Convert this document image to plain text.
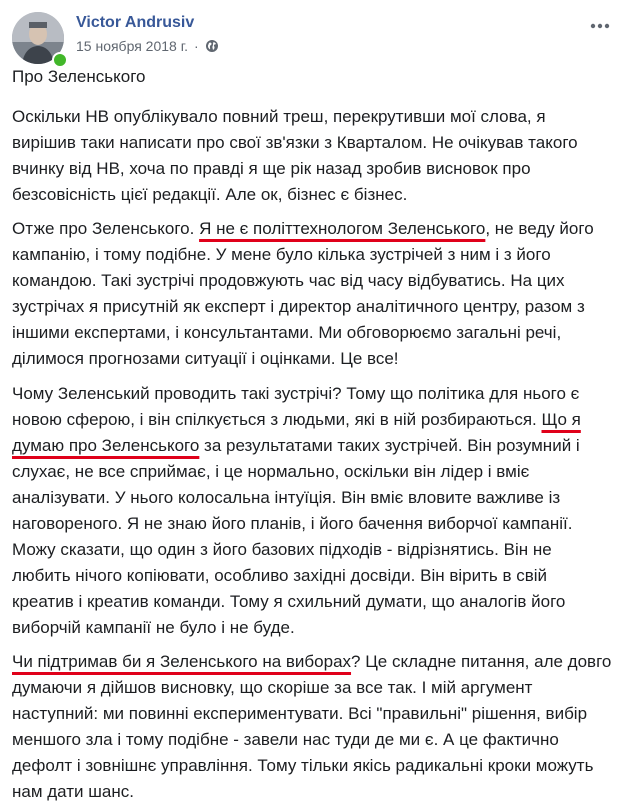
Victor Andrusiv
15 ноября 2018 г. ·

Про Зеленського

Оскільки НВ опублікувало повний треш, перекрутивши мої слова, я вирішив таки написати про свої зв'язки з Кварталом. Не очікував такого вчинку від НВ, хоча по правді я ще рік назад зробив висновок про безсовісність цієї редакції. Але ок, бізнес є бізнес.

Отже про Зеленського. Я не є політтехнологом Зеленського, не веду його кампанію, і тому подібне. У мене було кілька зустрічей з ним і з його командою. Такі зустрічі продовжують час від часу відбуватись. На цих зустрічах я присутній як експерт і директор аналітичного центру, разом з іншими експертами, і консультантами. Ми обговорюємо загальні речі, ділимося прогнозами ситуації і оцінками. Це все!

Чому Зеленський проводить такі зустрічі? Тому що політика для нього є новою сферою, і він спілкується з людьми, які в ній розбираються. Що я думаю про Зеленського за результатами таких зустрічей. Він розумний і слухає, не все сприймає, і це нормально, оскільки він лідер і вміє аналізувати. У нього колосальна інтуїція. Він вміє вловите важливе із наговореного. Я не знаю його планів, і його бачення виборчої кампанії. Можу сказати, що один з його базових підходів - відрізнятись. Він не любить нічого копіювати, особливо західні досвіди. Він вірить в свій креатив і креатив команди. Тому я схильний думати, що аналогів його виборчій кампанії не було і не буде.

Чи підтримав би я Зеленського на виборах? Це складне питання, але довго думаючи я дійшов висновку, що скоріше за все так. І мій аргумент наступний: ми повинні експериментувати. Всі "правильні" рішення, вибір меншого зла і тому подібне - завели нас туди де ми є. А це фактично дефолт і зовнішнє управління. Тому тільки якісь радикальні кроки можуть нам дати шанс.
